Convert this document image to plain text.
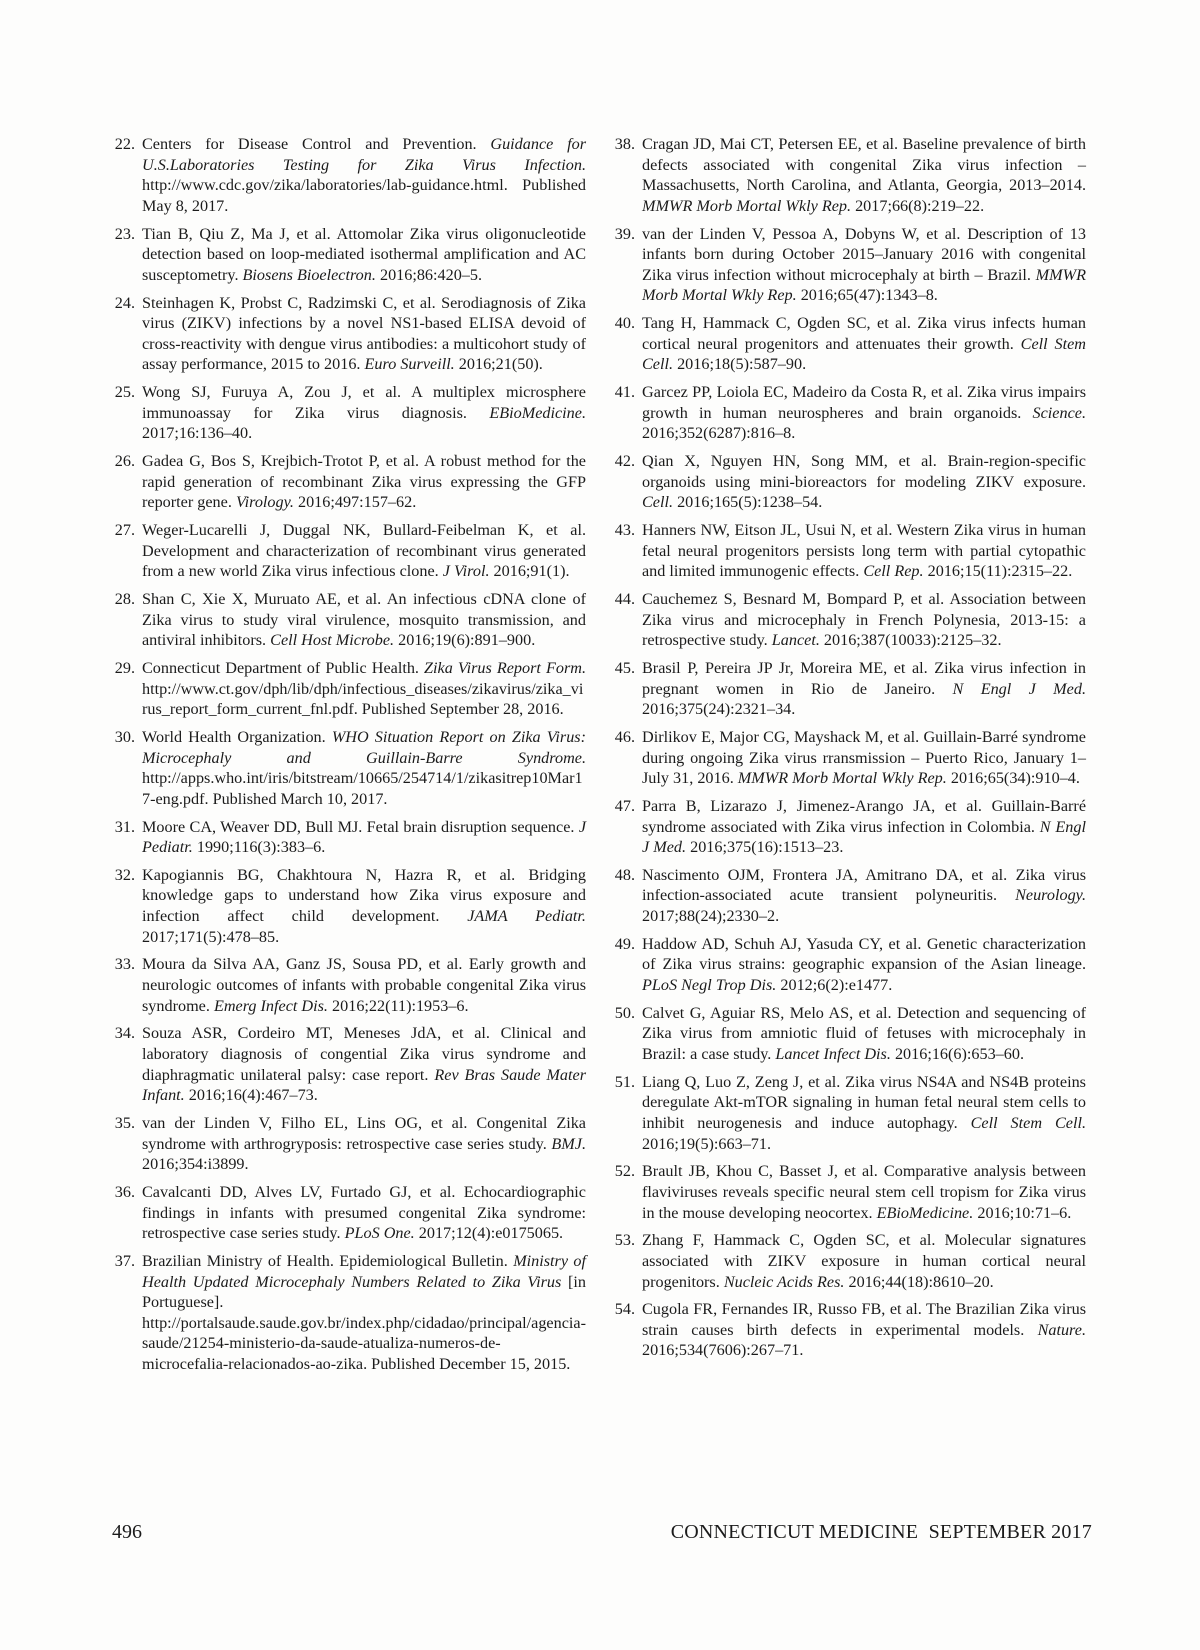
22. Centers for Disease Control and Prevention. Guidance for U.S.Laboratories Testing for Zika Virus Infection. http://www.cdc.gov/zika/laboratories/lab-guidance.html. Published May 8, 2017.
23. Tian B, Qiu Z, Ma J, et al. Attomolar Zika virus oligonucleotide detection based on loop-mediated isothermal amplification and AC susceptometry. Biosens Bioelectron. 2016;86:420–5.
24. Steinhagen K, Probst C, Radzimski C, et al. Serodiagnosis of Zika virus (ZIKV) infections by a novel NS1-based ELISA devoid of cross-reactivity with dengue virus antibodies: a multicohort study of assay performance, 2015 to 2016. Euro Surveill. 2016;21(50).
25. Wong SJ, Furuya A, Zou J, et al. A multiplex microsphere immunoassay for Zika virus diagnosis. EBioMedicine. 2017;16:136–40.
26. Gadea G, Bos S, Krejbich-Trotot P, et al. A robust method for the rapid generation of recombinant Zika virus expressing the GFP reporter gene. Virology. 2016;497:157–62.
27. Weger-Lucarelli J, Duggal NK, Bullard-Feibelman K, et al. Development and characterization of recombinant virus generated from a new world Zika virus infectious clone. J Virol. 2016;91(1).
28. Shan C, Xie X, Muruato AE, et al. An infectious cDNA clone of Zika virus to study viral virulence, mosquito transmission, and antiviral inhibitors. Cell Host Microbe. 2016;19(6):891–900.
29. Connecticut Department of Public Health. Zika Virus Report Form. http://www.ct.gov/dph/lib/dph/infectious_diseases/zikavirus/zika_virus_report_form_current_fnl.pdf. Published September 28, 2016.
30. World Health Organization. WHO Situation Report on Zika Virus: Microcephaly and Guillain-Barre Syndrome. http://apps.who.int/iris/bitstream/10665/254714/1/zikasitrep10Mar17-eng.pdf. Published March 10, 2017.
31. Moore CA, Weaver DD, Bull MJ. Fetal brain disruption sequence. J Pediatr. 1990;116(3):383–6.
32. Kapogiannis BG, Chakhtoura N, Hazra R, et al. Bridging knowledge gaps to understand how Zika virus exposure and infection affect child development. JAMA Pediatr. 2017;171(5):478–85.
33. Moura da Silva AA, Ganz JS, Sousa PD, et al. Early growth and neurologic outcomes of infants with probable congenital Zika virus syndrome. Emerg Infect Dis. 2016;22(11):1953–6.
34. Souza ASR, Cordeiro MT, Meneses JdA, et al. Clinical and laboratory diagnosis of congential Zika virus syndrome and diaphragmatic unilateral palsy: case report. Rev Bras Saude Mater Infant. 2016;16(4):467–73.
35. van der Linden V, Filho EL, Lins OG, et al. Congenital Zika syndrome with arthrogryposis: retrospective case series study. BMJ. 2016;354:i3899.
36. Cavalcanti DD, Alves LV, Furtado GJ, et al. Echocardiographic findings in infants with presumed congenital Zika syndrome: retrospective case series study. PLoS One. 2017;12(4):e0175065.
37. Brazilian Ministry of Health. Epidemiological Bulletin. Ministry of Health Updated Microcephaly Numbers Related to Zika Virus [in Portuguese]. http://portalsaude.saude.gov.br/index.php/cidadao/principal/agencia-saude/21254-ministerio-da-saude-atualiza-numeros-de-microcefalia-relacionados-ao-zika. Published December 15, 2015.
38. Cragan JD, Mai CT, Petersen EE, et al. Baseline prevalence of birth defects associated with congenital Zika virus infection – Massachusetts, North Carolina, and Atlanta, Georgia, 2013–2014. MMWR Morb Mortal Wkly Rep. 2017;66(8):219–22.
39. van der Linden V, Pessoa A, Dobyns W, et al. Description of 13 infants born during October 2015–January 2016 with congenital Zika virus infection without microcephaly at birth – Brazil. MMWR Morb Mortal Wkly Rep. 2016;65(47):1343–8.
40. Tang H, Hammack C, Ogden SC, et al. Zika virus infects human cortical neural progenitors and attenuates their growth. Cell Stem Cell. 2016;18(5):587–90.
41. Garcez PP, Loiola EC, Madeiro da Costa R, et al. Zika virus impairs growth in human neurospheres and brain organoids. Science. 2016;352(6287):816–8.
42. Qian X, Nguyen HN, Song MM, et al. Brain-region-specific organoids using mini-bioreactors for modeling ZIKV exposure. Cell. 2016;165(5):1238–54.
43. Hanners NW, Eitson JL, Usui N, et al. Western Zika virus in human fetal neural progenitors persists long term with partial cytopathic and limited immunogenic effects. Cell Rep. 2016;15(11):2315–22.
44. Cauchemez S, Besnard M, Bompard P, et al. Association between Zika virus and microcephaly in French Polynesia, 2013-15: a retrospective study. Lancet. 2016;387(10033):2125–32.
45. Brasil P, Pereira JP Jr, Moreira ME, et al. Zika virus infection in pregnant women in Rio de Janeiro. N Engl J Med. 2016;375(24):2321–34.
46. Dirlikov E, Major CG, Mayshack M, et al. Guillain-Barré syndrome during ongoing Zika virus rransmission – Puerto Rico, January 1–July 31, 2016. MMWR Morb Mortal Wkly Rep. 2016;65(34):910–4.
47. Parra B, Lizarazo J, Jimenez-Arango JA, et al. Guillain-Barré syndrome associated with Zika virus infection in Colombia. N Engl J Med. 2016;375(16):1513–23.
48. Nascimento OJM, Frontera JA, Amitrano DA, et al. Zika virus infection-associated acute transient polyneuritis. Neurology. 2017;88(24);2330–2.
49. Haddow AD, Schuh AJ, Yasuda CY, et al. Genetic characterization of Zika virus strains: geographic expansion of the Asian lineage. PLoS Negl Trop Dis. 2012;6(2):e1477.
50. Calvet G, Aguiar RS, Melo AS, et al. Detection and sequencing of Zika virus from amniotic fluid of fetuses with microcephaly in Brazil: a case study. Lancet Infect Dis. 2016;16(6):653–60.
51. Liang Q, Luo Z, Zeng J, et al. Zika virus NS4A and NS4B proteins deregulate Akt-mTOR signaling in human fetal neural stem cells to inhibit neurogenesis and induce autophagy. Cell Stem Cell. 2016;19(5):663–71.
52. Brault JB, Khou C, Basset J, et al. Comparative analysis between flaviviruses reveals specific neural stem cell tropism for Zika virus in the mouse developing neocortex. EBioMedicine. 2016;10:71–6.
53. Zhang F, Hammack C, Ogden SC, et al. Molecular signatures associated with ZIKV exposure in human cortical neural progenitors. Nucleic Acids Res. 2016;44(18):8610–20.
54. Cugola FR, Fernandes IR, Russo FB, et al. The Brazilian Zika virus strain causes birth defects in experimental models. Nature. 2016;534(7606):267–71.
496	CONNECTICUT MEDICINE  SEPTEMBER 2017
